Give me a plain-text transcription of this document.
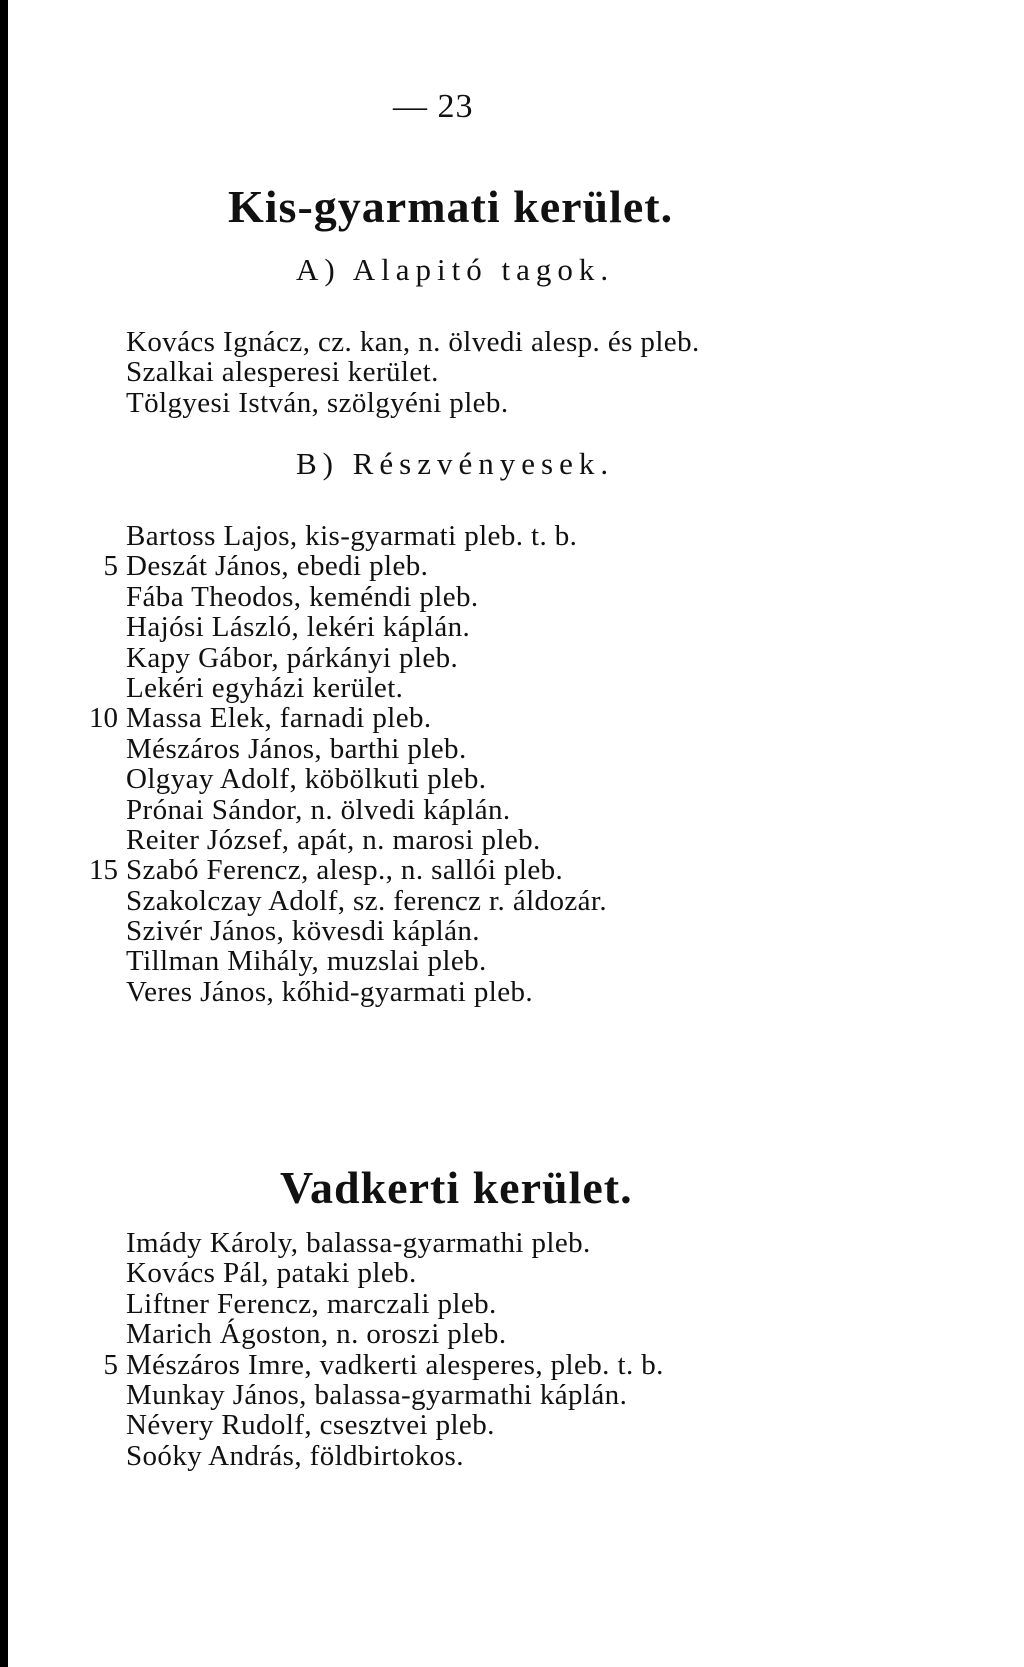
— 23
Kis-gyarmati kerület.
A) Alapitó tagok.
Kovács Ignácz, cz. kan, n. ölvedi alesp. és pleb.
Szalkai alesperesi kerület.
Tölgyesi István, szölgyéni pleb.
B) Részvényesek.
Bartoss Lajos, kis-gyarmati pleb. t. b.
5 Deszát János, ebedi pleb.
Fába Theodos, keméndi pleb.
Hajósi László, lekéri káplán.
Kapy Gábor, párkányi pleb.
Lekéri egyházi kerület.
10 Massa Elek, farnadi pleb.
Mészáros János, barthi pleb.
Olgyay Adolf, köbölkuti pleb.
Prónai Sándor, n. ölvedi káplán.
Reiter József, apát, n. marosi pleb.
15 Szabó Ferencz, alesp., n. sallói pleb.
Szakolczay Adolf, sz. ferencz r. áldozár.
Szivér János, kövesdi káplán.
Tillman Mihály, muzslai pleb.
Veres János, kőhid-gyarmati pleb.
Vadkerti kerület.
Imády Károly, balassa-gyarmathi pleb.
Kovács Pál, pataki pleb.
Liftner Ferencz, marczali pleb.
Marich Ágoston, n. oroszi pleb.
5 Mészáros Imre, vadkerti alesperes, pleb. t. b.
Munkay János, balassa-gyarmathi káplán.
Névery Rudolf, csesztvei pleb.
Soóky András, földbirtokos.
